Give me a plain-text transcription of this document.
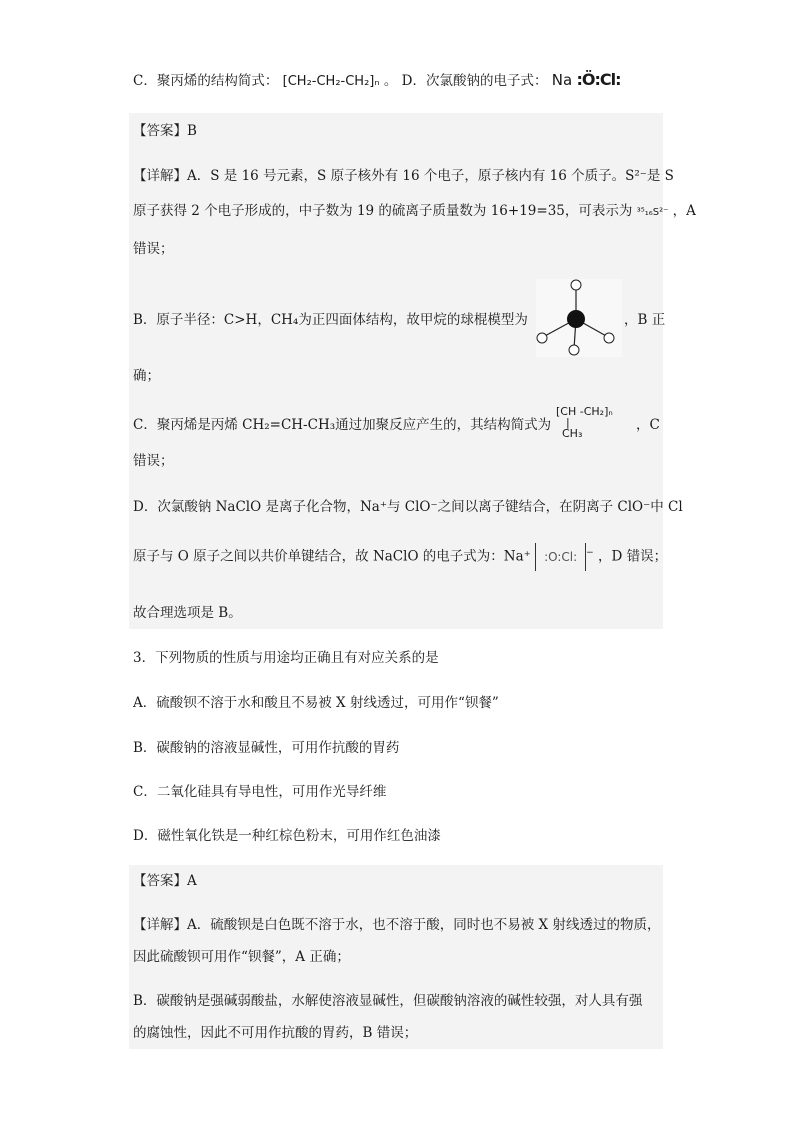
C．聚丙烯的结构简式： [CH₂-CH₂-CH₂]ₙ 。 D．次氯酸钠的电子式： Na :Ö:Cl:
【答案】B
【详解】A．S 是 16 号元素，S 原子核外有 16 个电子，原子核内有 16 个质子。S²⁻是 S
原子获得 2 个电子形成的，中子数为 19 的硫离子质量数为 16+19=35，可表示为 ³⁵₁₆S²⁻ ，A
错误；
B．原子半径：C>H，CH₄为正四面体结构，故甲烷的球棍模型为	，B 正
确；
C．聚丙烯是丙烯 CH₂=CH-CH₃通过加聚反应产生的，其结构简式为
[CH -CH₂]ₙ
|
CH₃
，C
错误；
D．次氯酸钠 NaClO 是离子化合物，Na⁺与 ClO⁻之间以离子键结合，在阴离子 ClO⁻中 Cl
原子与 O 原子之间以共价单键结合，故 NaClO 的电子式为：Na⁺ :O:Cl: − ，D 错误；
故合理选项是 B。
3．下列物质的性质与用途均正确且有对应关系的是
A．硫酸钡不溶于水和酸且不易被 X 射线透过，可用作“钡餐”
B．碳酸钠的溶液显碱性，可用作抗酸的胃药
C．二氧化硅具有导电性，可用作光导纤维
D．磁性氧化铁是一种红棕色粉末，可用作红色油漆
【答案】A
【详解】A．硫酸钡是白色既不溶于水，也不溶于酸，同时也不易被 X 射线透过的物质，
因此硫酸钡可用作“钡餐”，A 正确；
B．碳酸钠是强碱弱酸盐，水解使溶液显碱性，但碳酸钠溶液的碱性较强，对人具有强
的腐蚀性，因此不可用作抗酸的胃药，B 错误；
